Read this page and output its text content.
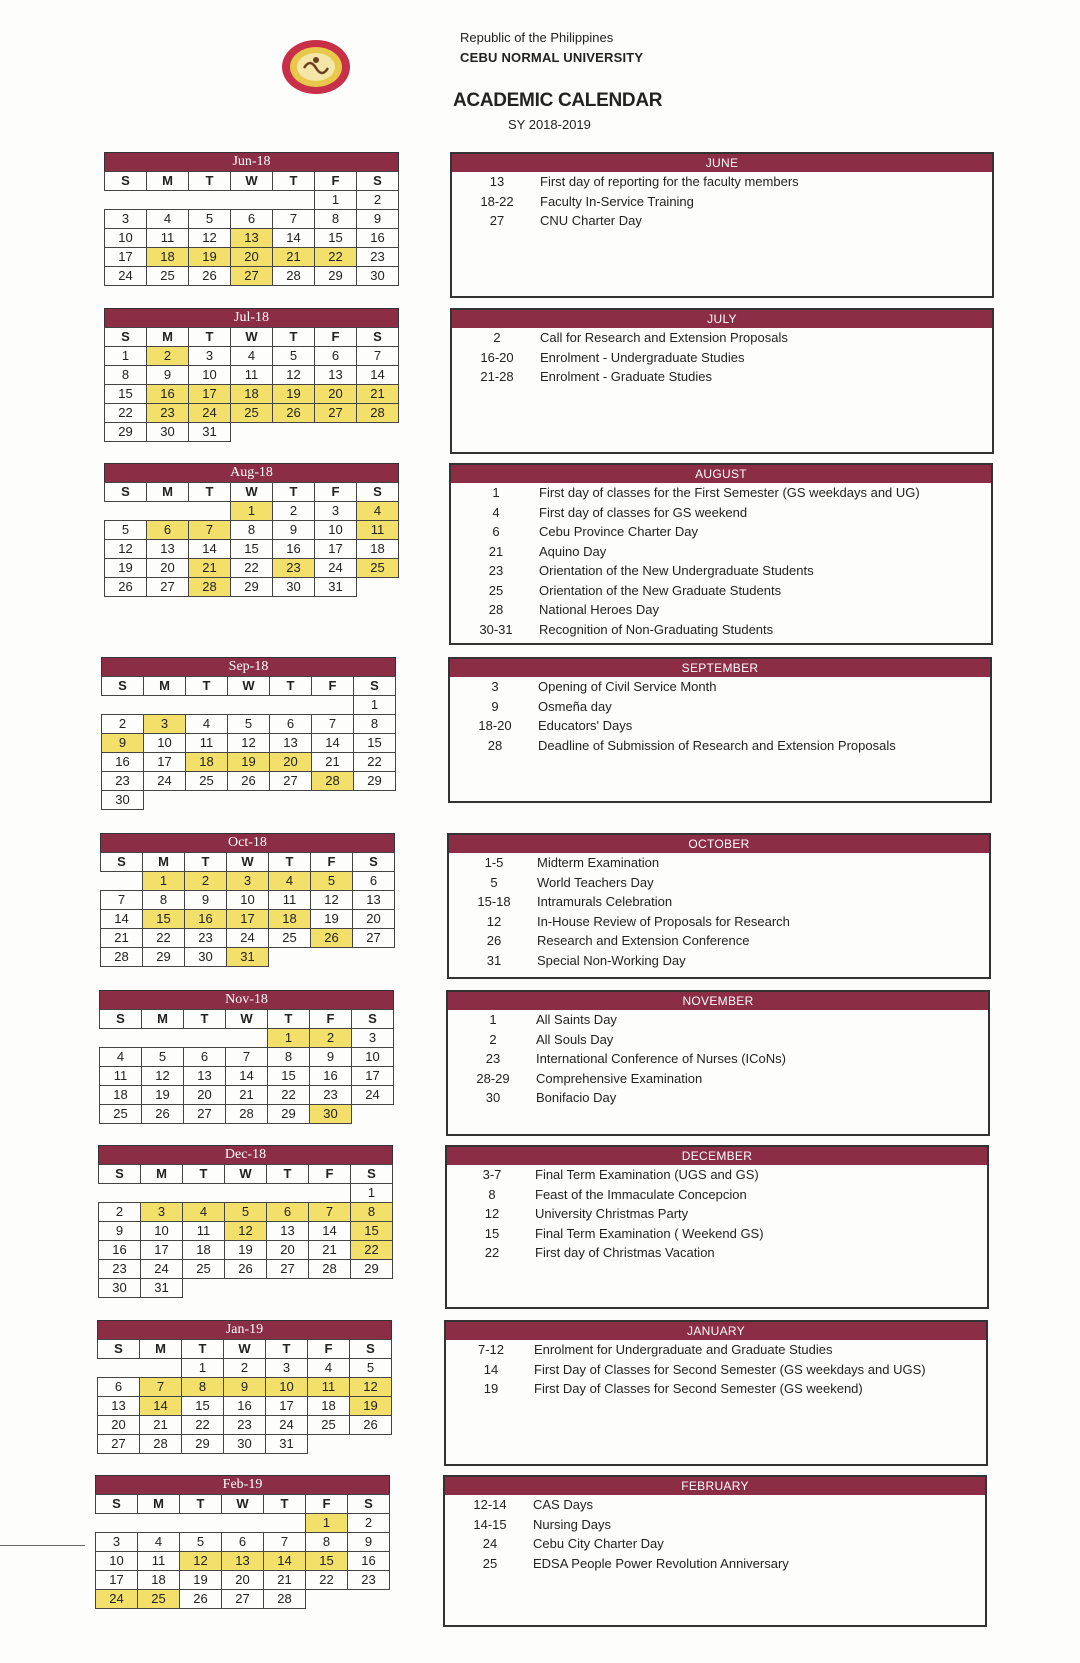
Republic of the Philippines
CEBU NORMAL UNIVERSITY
ACADEMIC CALENDAR
SY 2018-2019
Jun-18
S	M	T	W	T	F	S
					1	2
3	4	5	6	7	8	9
10	11	12	13	14	15	16
17	18	19	20	21	22	23
24	25	26	27	28	29	30
JUNE
13	First day of reporting for the faculty members
18-22	Faculty In-Service Training
27	CNU Charter Day
Jul-18
S	M	T	W	T	F	S
1	2	3	4	5	6	7
8	9	10	11	12	13	14
15	16	17	18	19	20	21
22	23	24	25	26	27	28
29	30	31				
JULY
2	Call for Research and Extension Proposals
16-20	Enrolment - Undergraduate Studies
21-28	Enrolment - Graduate Studies
Aug-18
S	M	T	W	T	F	S
			1	2	3	4
5	6	7	8	9	10	11
12	13	14	15	16	17	18
19	20	21	22	23	24	25
26	27	28	29	30	31	
AUGUST
1	First day of classes for the First Semester (GS weekdays and UG)
4	First day of classes for GS weekend
6	Cebu Province Charter Day
21	Aquino Day
23	Orientation of the New Undergraduate Students
25	Orientation of the New Graduate Students
28	National Heroes Day
30-31	Recognition of Non-Graduating Students
Sep-18
S	M	T	W	T	F	S
						1
2	3	4	5	6	7	8
9	10	11	12	13	14	15
16	17	18	19	20	21	22
23	24	25	26	27	28	29
30						
SEPTEMBER
3	Opening of Civil Service Month
9	Osmeña day
18-20	Educators' Days
28	Deadline of Submission of Research and Extension Proposals
Oct-18
S	M	T	W	T	F	S
	1	2	3	4	5	6
7	8	9	10	11	12	13
14	15	16	17	18	19	20
21	22	23	24	25	26	27
28	29	30	31			
OCTOBER
1-5	Midterm Examination
5	World Teachers Day
15-18	Intramurals Celebration
12	In-House Review of Proposals for Research
26	Research and Extension Conference
31	Special Non-Working Day
Nov-18
S	M	T	W	T	F	S
				1	2	3
4	5	6	7	8	9	10
11	12	13	14	15	16	17
18	19	20	21	22	23	24
25	26	27	28	29	30	
NOVEMBER
1	All Saints Day
2	All Souls Day
23	International Conference of Nurses (ICoNs)
28-29	Comprehensive Examination
30	Bonifacio Day
Dec-18
S	M	T	W	T	F	S
						1
2	3	4	5	6	7	8
9	10	11	12	13	14	15
16	17	18	19	20	21	22
23	24	25	26	27	28	29
30	31					
DECEMBER
3-7	Final Term Examination (UGS and GS)
8	Feast of the Immaculate Concepcion
12	University Christmas Party
15	Final Term Examination ( Weekend GS)
22	First day of Christmas Vacation
Jan-19
S	M	T	W	T	F	S
		1	2	3	4	5
6	7	8	9	10	11	12
13	14	15	16	17	18	19
20	21	22	23	24	25	26
27	28	29	30	31		
JANUARY
7-12	Enrolment for Undergraduate and Graduate Studies
14	First Day of Classes for Second Semester (GS weekdays and UGS)
19	First Day of Classes for Second Semester (GS weekend)
Feb-19
S	M	T	W	T	F	S
					1	2
3	4	5	6	7	8	9
10	11	12	13	14	15	16
17	18	19	20	21	22	23
24	25	26	27	28		
FEBRUARY
12-14	CAS Days
14-15	Nursing Days
24	Cebu City Charter Day
25	EDSA People Power Revolution Anniversary
